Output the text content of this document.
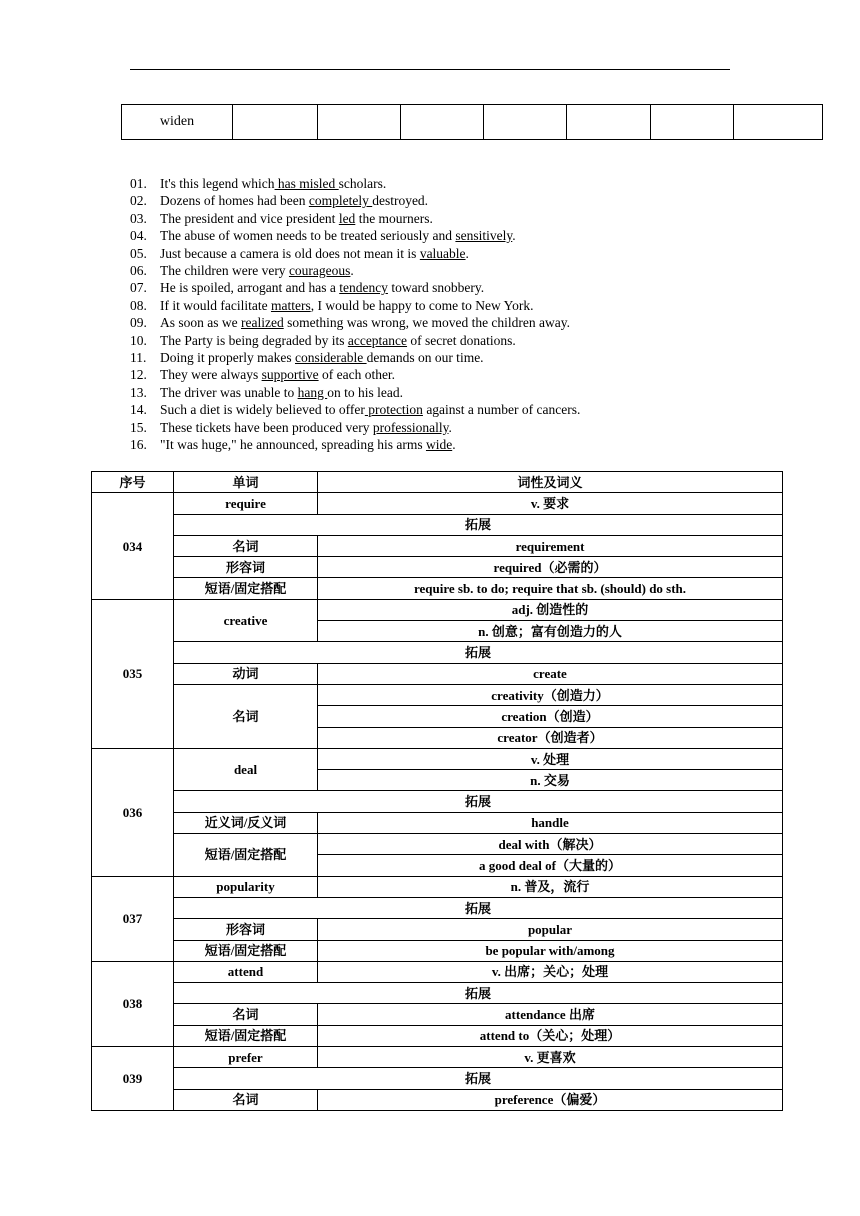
widen							
01. It's this legend which has misled scholars.
02. Dozens of homes had been completely destroyed.
03. The president and vice president led the mourners.
04. The abuse of women needs to be treated seriously and sensitively.
05. Just because a camera is old does not mean it is valuable.
06. The children were very courageous.
07. He is spoiled, arrogant and has a tendency toward snobbery.
08. If it would facilitate matters, I would be happy to come to New York.
09. As soon as we realized something was wrong, we moved the children away.
10. The Party is being degraded by its acceptance of secret donations.
11. Doing it properly makes considerable demands on our time.
12. They were always supportive of each other.
13. The driver was unable to hang on to his lead.
14. Such a diet is widely believed to offer protection against a number of cancers.
15. These tickets have been produced very professionally.
16. "It was huge," he announced, spreading his arms wide.
序号	单词	词性及词义
034	require	v. 要求
	拓展	
	名词	requirement
	形容词	required（必需的）
	短语/固定搭配	require sb. to do; require that sb. (should) do sth.
035	creative	adj. 创造性的
		n. 创意；富有创造力的人
	拓展	
	动词	create
	名词	creativity（创造力）
		creation（创造）
		creator（创造者）
036	deal	v. 处理
		n. 交易
	拓展	
	近义词/反义词	handle
	短语/固定搭配	deal with（解决）
		a good deal of（大量的）
037	popularity	n. 普及，流行
	拓展	
	形容词	popular
	短语/固定搭配	be popular with/among
038	attend	v. 出席；关心；处理
	拓展	
	名词	attendance 出席
	短语/固定搭配	attend to（关心；处理）
039	prefer	v. 更喜欢
	拓展	
	名词	preference（偏爱）
